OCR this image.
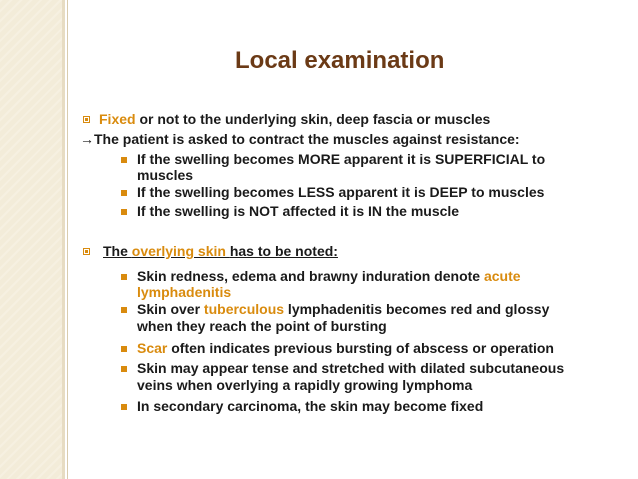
Local examination
Fixed or not to the underlying skin, deep fascia or muscles
→The patient is asked to contract the muscles against resistance:
If the swelling becomes MORE apparent it is SUPERFICIAL to
muscles
If the swelling becomes LESS apparent it is DEEP to muscles
If the swelling is NOT affected it is IN the muscle
The overlying skin has to be noted:
Skin redness, edema and brawny induration denote acute
lymphadenitis
Skin over tuberculous lymphadenitis becomes red and glossy
when they reach the point of bursting
Scar often indicates previous bursting of abscess or operation
Skin may appear tense and stretched with dilated subcutaneous
veins when overlying a rapidly growing lymphoma
In secondary carcinoma, the skin may become fixed
